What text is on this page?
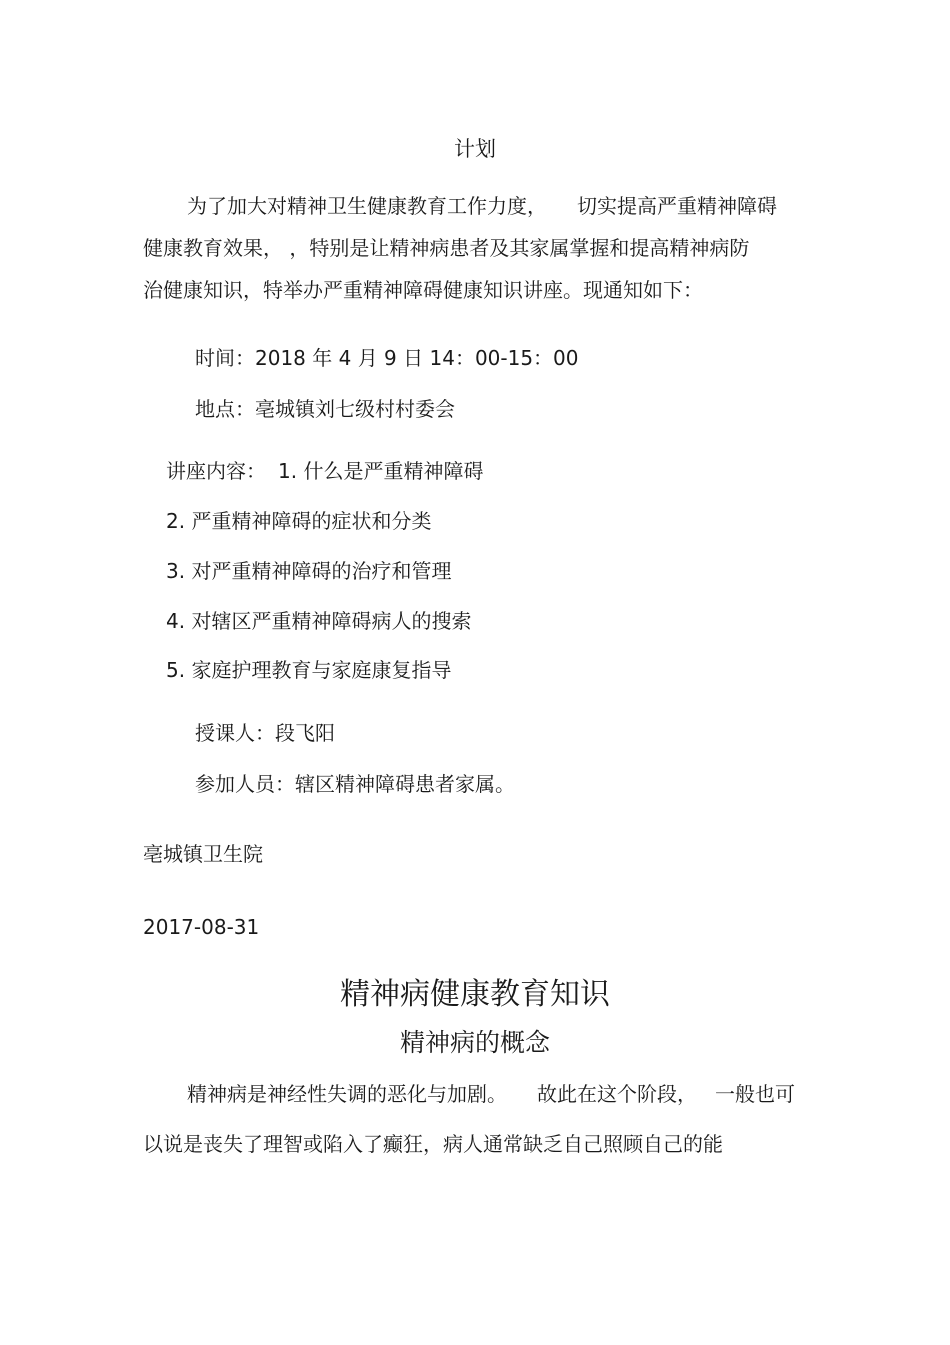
计划
为了加大对精神卫生健康教育工作力度， 切实提高严重精神障碍
健康教育效果， ，特别是让精神病患者及其家属掌握和提高精神病防
治健康知识，特举办严重精神障碍健康知识讲座。现通知如下：
时间：2018 年 4 月 9 日 14：00-15：00
地点：亳城镇刘七级村村委会
讲座内容： 1. 什么是严重精神障碍
2. 严重精神障碍的症状和分类
3. 对严重精神障碍的治疗和管理
4. 对辖区严重精神障碍病人的搜索
5. 家庭护理教育与家庭康复指导
授课人：段飞阳
参加人员：辖区精神障碍患者家属。
亳城镇卫生院
2017-08-31
精神病健康教育知识
精神病的概念
精神病是神经性失调的恶化与加剧。 故此在这个阶段， 一般也可
以说是丧失了理智或陷入了癫狂，病人通常缺乏自己照顾自己的能
